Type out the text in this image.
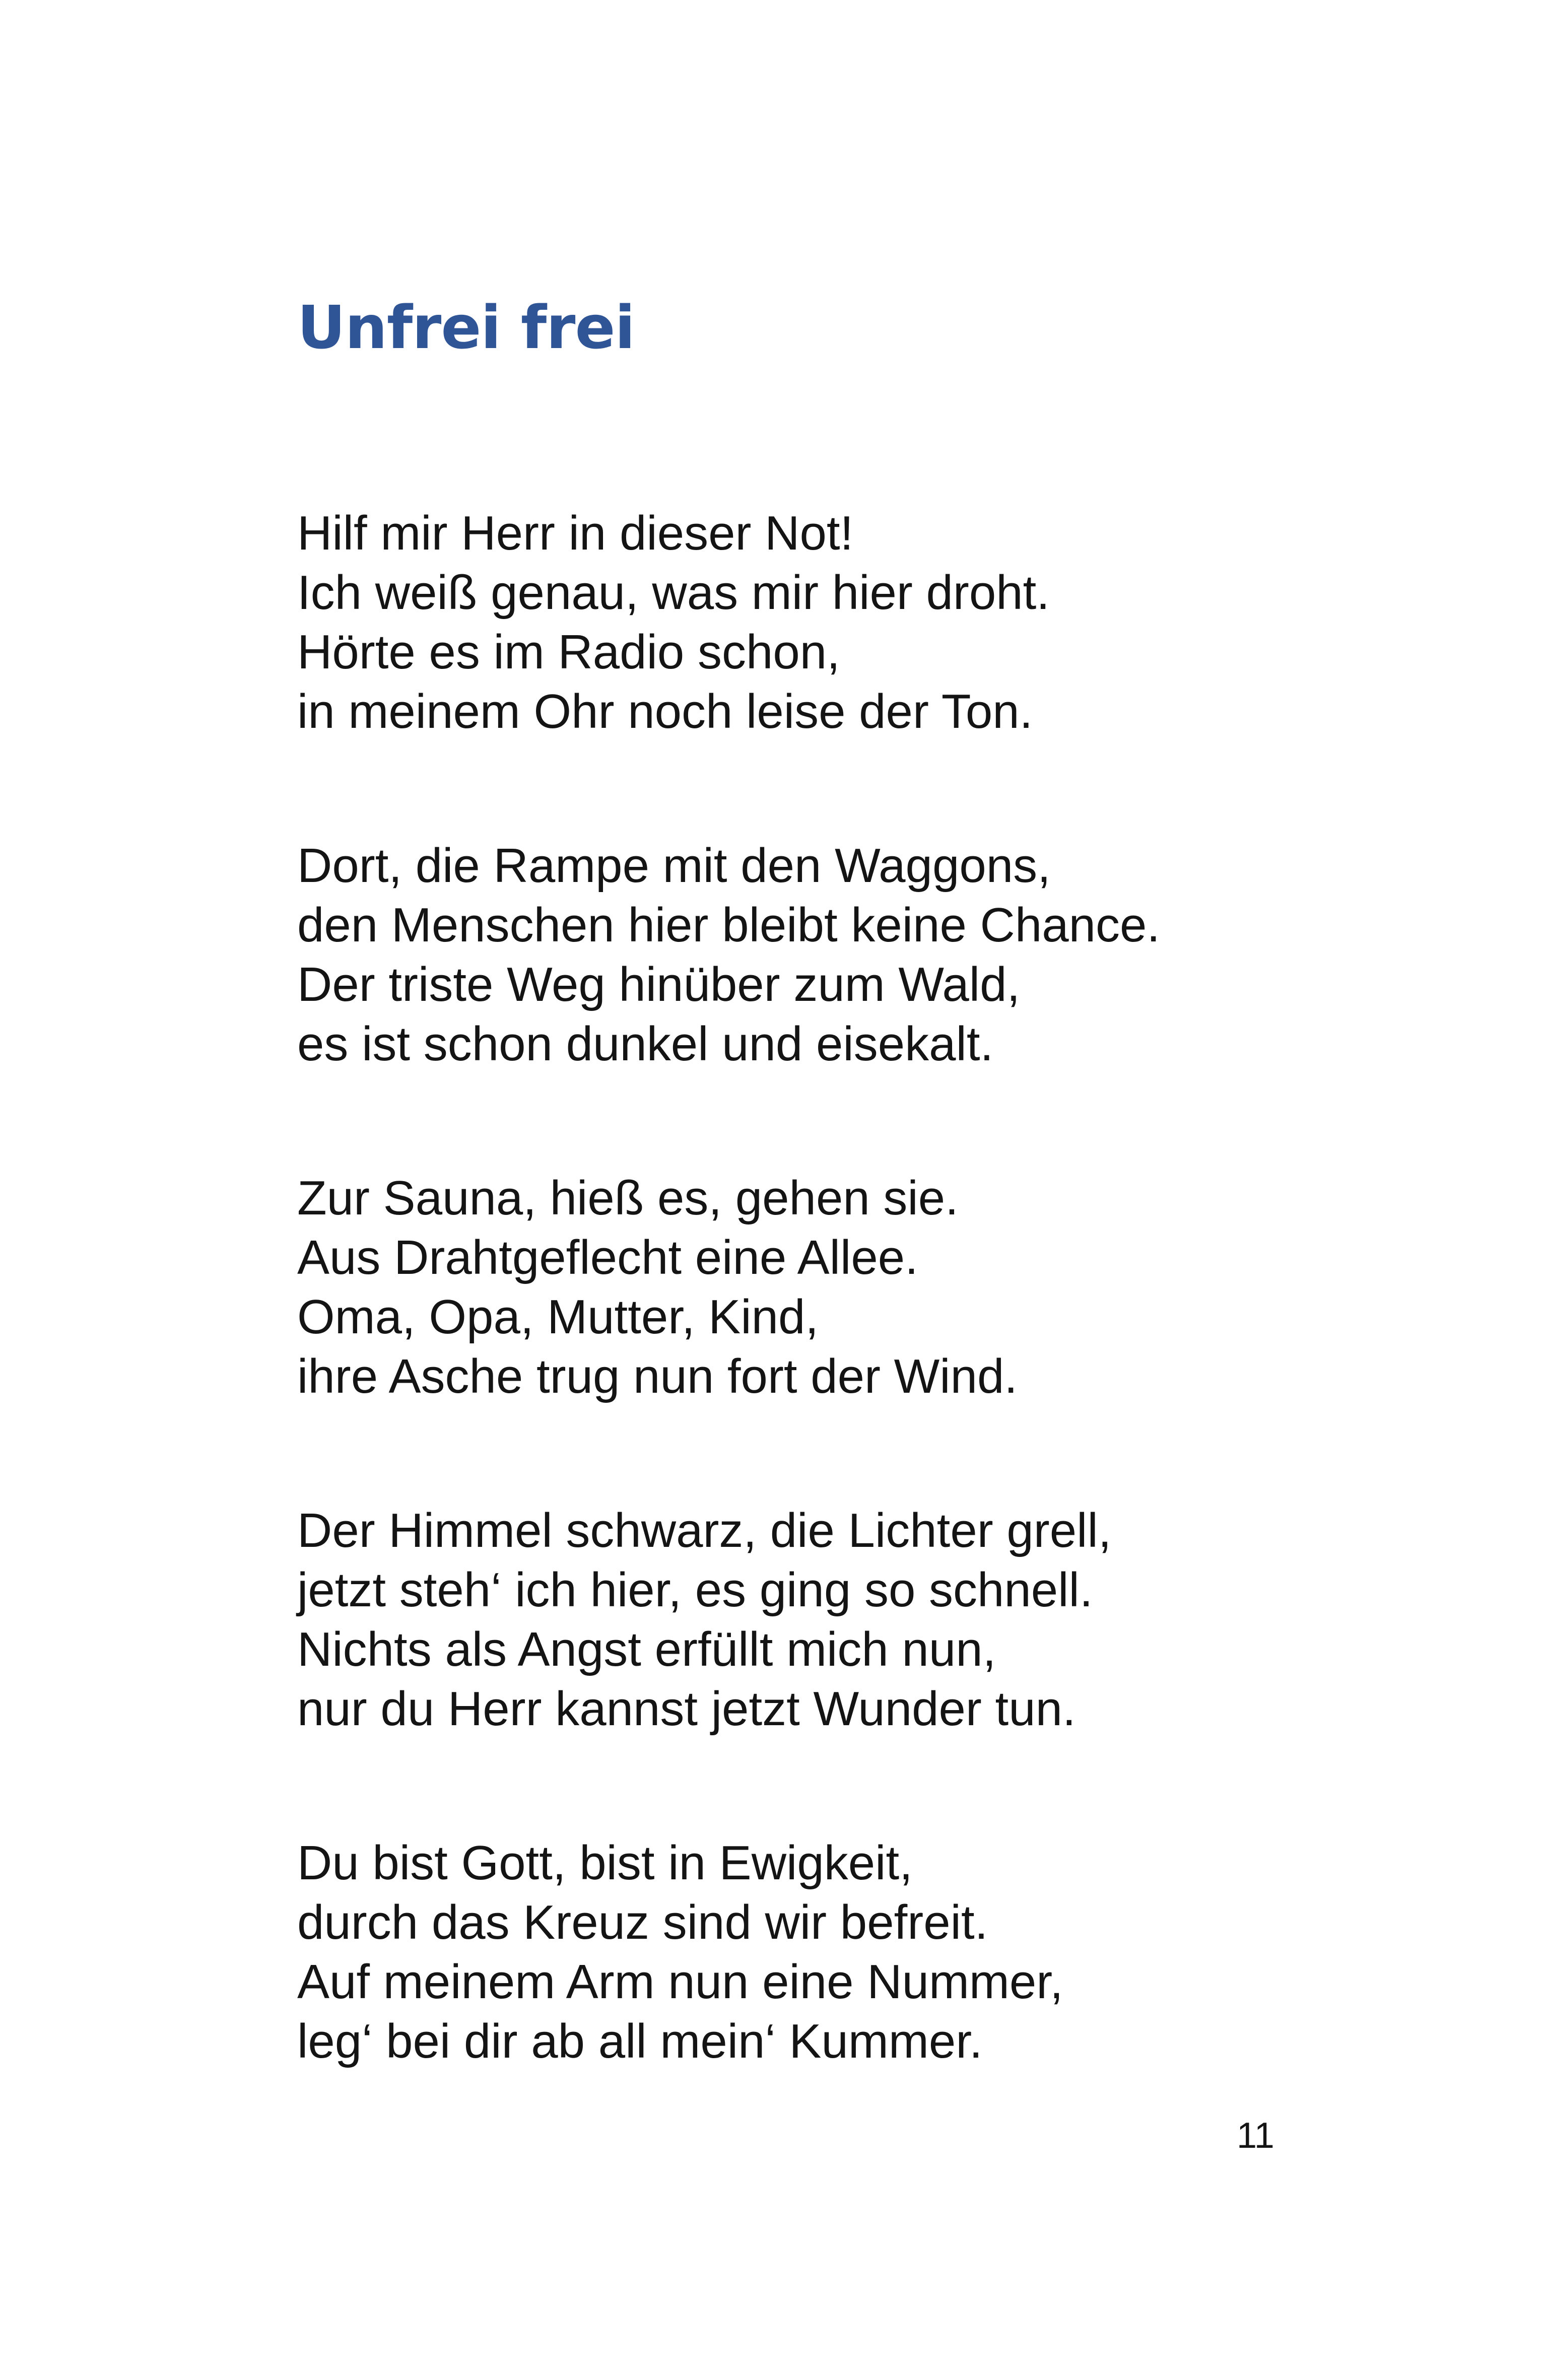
Unfrei frei

Hilf mir Herr in dieser Not!
Ich weiß genau, was mir hier droht.
Hörte es im Radio schon,
in meinem Ohr noch leise der Ton.

Dort, die Rampe mit den Waggons,
den Menschen hier bleibt keine Chance.
Der triste Weg hinüber zum Wald,
es ist schon dunkel und eisekalt.

Zur Sauna, hieß es, gehen sie.
Aus Drahtgeflecht eine Allee.
Oma, Opa, Mutter, Kind,
ihre Asche trug nun fort der Wind.

Der Himmel schwarz, die Lichter grell,
jetzt steh‘ ich hier, es ging so schnell.
Nichts als Angst erfüllt mich nun,
nur du Herr kannst jetzt Wunder tun.

Du bist Gott, bist in Ewigkeit,
durch das Kreuz sind wir befreit.
Auf meinem Arm nun eine Nummer,
leg‘ bei dir ab all mein‘ Kummer.

11
